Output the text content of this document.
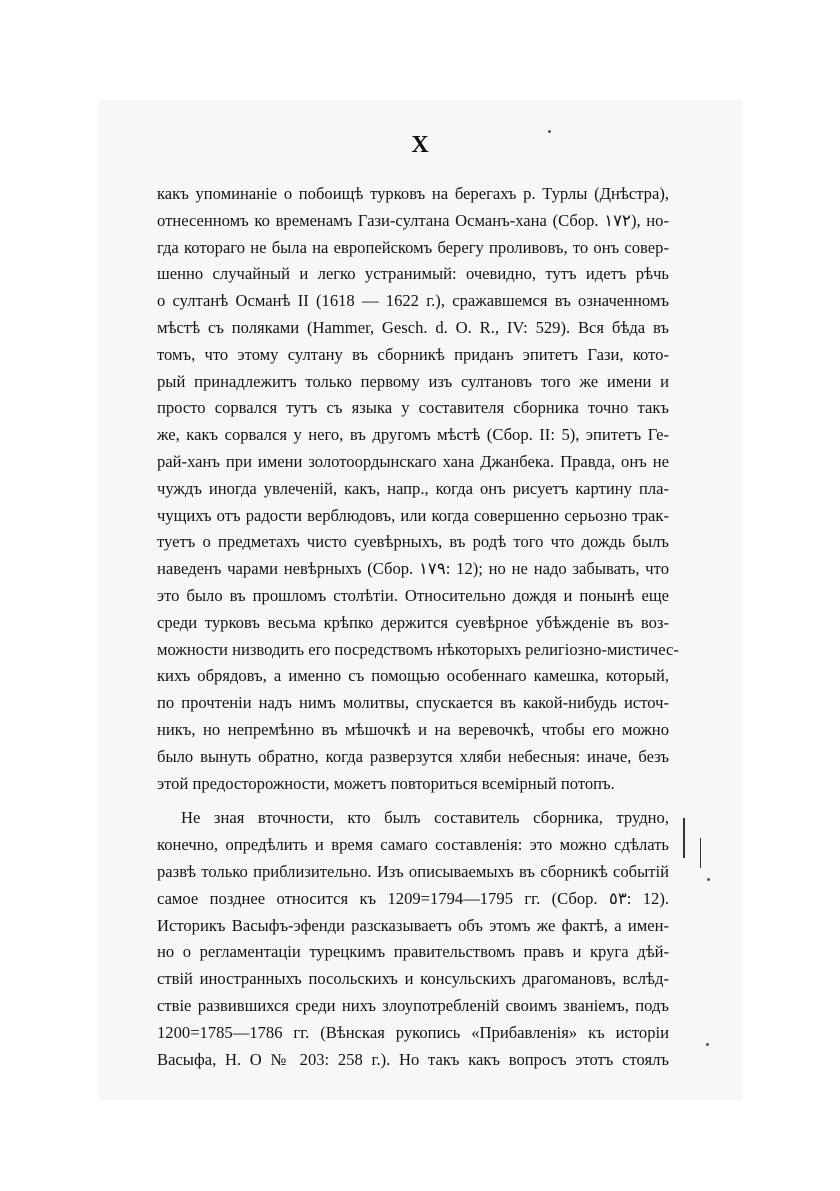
X
какъ упоминаніе о побоищѣ турковъ на берегахъ р. Турлы (Днѣстра),
отнесенномъ ко временамъ Гази-султана Османъ-хана (Сбор. ۱۷۲), но-
гда котораго не была на европейскомъ берегу проливовъ, то онъ совер-
шенно случайный и легко устранимый: очевидно, тутъ идетъ рѣчь
о султанѣ Османѣ II (1618 — 1622 г.), сражавшемся въ означенномъ
мѣстѣ съ поляками (Hammer, Gesch. d. O. R., IV: 529). Вся бѣда въ
томъ, что этому султану въ сборникѣ приданъ эпитетъ Гази, кото-
рый принадлежитъ только первому изъ султановъ того же имени и
просто сорвался тутъ съ языка у составителя сборника точно такъ
же, какъ сорвался у него, въ другомъ мѣстѣ (Сбор. II: 5), эпитетъ Ге-
рай-ханъ при имени золотоордынскаго хана Джанбека. Правда, онъ не
чуждъ иногда увлеченій, какъ, напр., когда онъ рисуетъ картину пла-
чущихъ отъ радости верблюдовъ, или когда совершенно серьозно трак-
туетъ о предметахъ чисто суевѣрныхъ, въ родѣ того что дождь былъ
наведенъ чарами невѣрныхъ (Сбор. ۱۷۹: 12); но не надо забывать, что
это было въ прошломъ столѣтіи. Относительно дождя и понынѣ еще
среди турковъ весьма крѣпко держится суевѣрное убѣжденіе въ воз-
можности низводить его посредствомъ нѣкоторыхъ религіозно-мистичес-
кихъ обрядовъ, а именно съ помощью особеннаго камешка, который,
по прочтеніи надъ нимъ молитвы, спускается въ какой-нибудь источ-
никъ, но непремѣнно въ мѣшочкѣ и на веревочкѣ, чтобы его можно
было вынуть обратно, когда разверзутся хляби небесныя: иначе, безъ
этой предосторожности, можетъ повториться всемірный потопъ.
Не зная вточности, кто былъ составитель сборника, трудно,
конечно, опредѣлить и время самаго составленія: это можно сдѣлать
развѣ только приблизительно. Изъ описываемыхъ въ сборникѣ событій
самое позднее относится къ 1209=1794—1795 гг. (Сбор. ٥٣: 12).
Историкъ Васыфъ-эфенди разсказываетъ объ этомъ же фактѣ, а имен-
но о регламентаціи турецкимъ правительствомъ правъ и круга дѣй-
ствій иностранныхъ посольскихъ и консульскихъ драгомановъ, вслѣд-
ствіе развившихся среди нихъ злоупотребленій своимъ званіемъ, подъ
1200=1785—1786 гг. (Вѣнская рукопись «Прибавленія» къ исторіи
Васыфа, H. O № 203: 258 г.). Но такъ какъ вопросъ этотъ стоялъ
